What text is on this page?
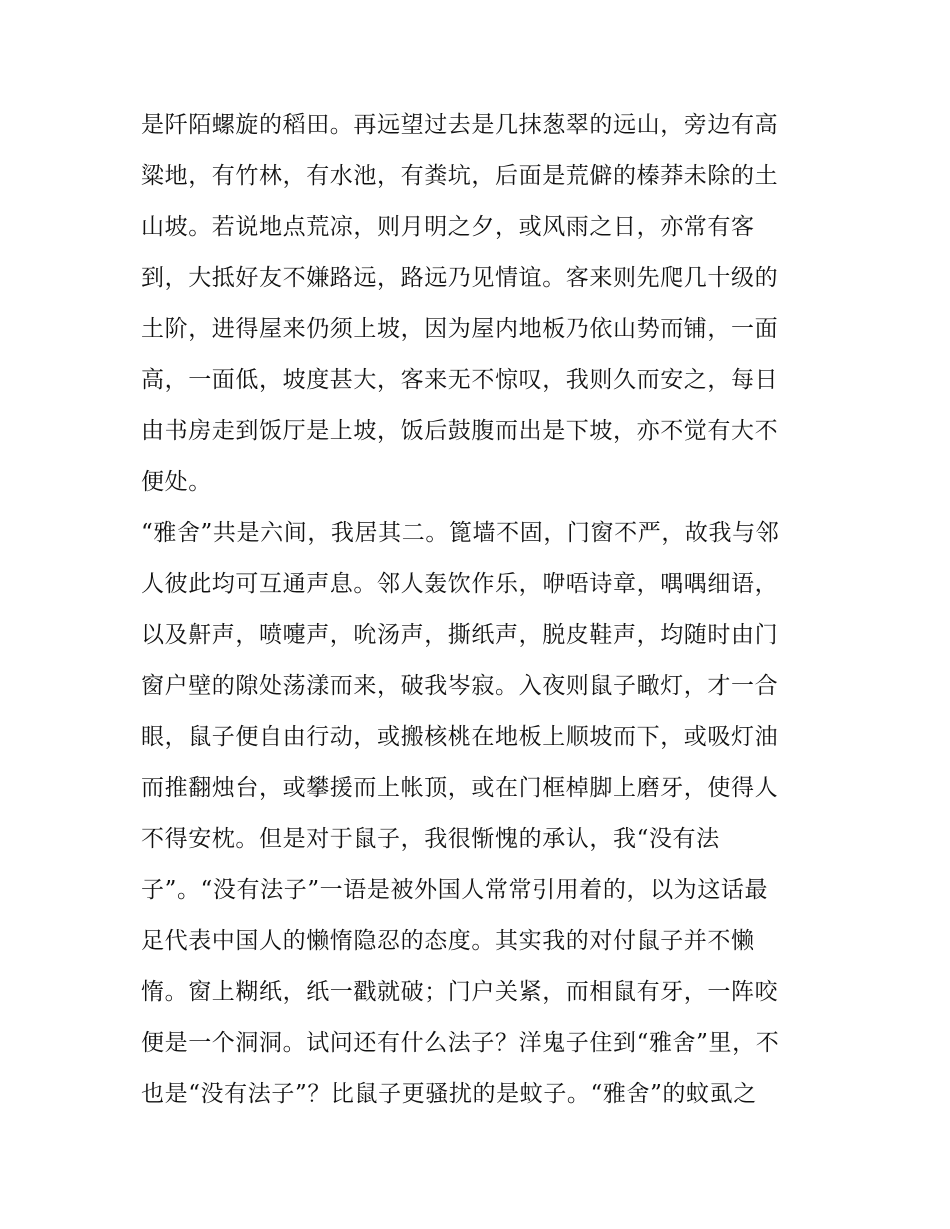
是阡陌螺旋的稻田。再远望过去是几抹葱翠的远山，旁边有高
粱地，有竹林，有水池，有粪坑，后面是荒僻的榛莽未除的土
山坡。若说地点荒凉，则月明之夕，或风雨之日，亦常有客
到，大抵好友不嫌路远，路远乃见情谊。客来则先爬几十级的
土阶，进得屋来仍须上坡，因为屋内地板乃依山势而铺，一面
高，一面低，坡度甚大，客来无不惊叹，我则久而安之，每日
由书房走到饭厅是上坡，饭后鼓腹而出是下坡，亦不觉有大不
便处。
“雅舍”共是六间，我居其二。篦墙不固，门窗不严，故我与邻
人彼此均可互通声息。邻人轰饮作乐，咿唔诗章，喁喁细语，
以及鼾声，喷嚏声，吮汤声，撕纸声，脱皮鞋声，均随时由门
窗户壁的隙处荡漾而来，破我岑寂。入夜则鼠子瞰灯，才一合
眼，鼠子便自由行动，或搬核桃在地板上顺坡而下，或吸灯油
而推翻烛台，或攀援而上帐顶，或在门框棹脚上磨牙，使得人
不得安枕。但是对于鼠子，我很惭愧的承认，我“没有法
子”。“没有法子”一语是被外国人常常引用着的，以为这话最
足代表中国人的懒惰隐忍的态度。其实我的对付鼠子并不懒
惰。窗上糊纸，纸一戳就破；门户关紧，而相鼠有牙，一阵咬
便是一个洞洞。试问还有什么法子？洋鬼子住到“雅舍”里，不
也是“没有法子”？比鼠子更骚扰的是蚊子。“雅舍”的蚊虱之
